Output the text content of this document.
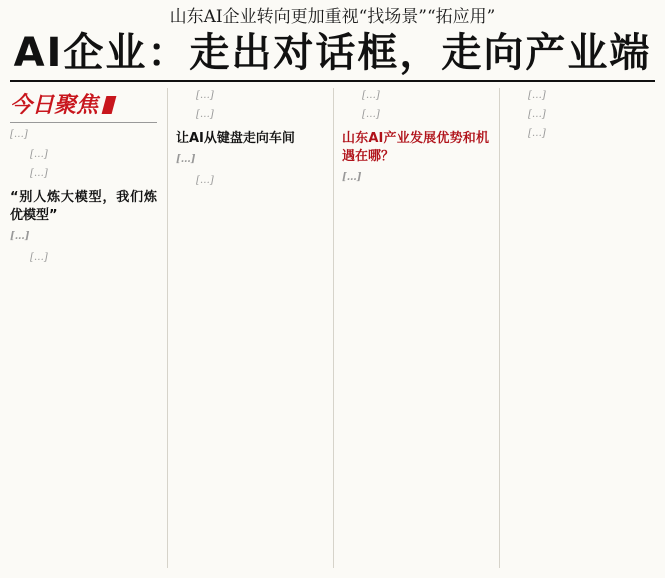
山东AI企业转向更加重视“找场景”“拓应用”
AI企业：走出对话框，走向产业端
今日聚焦
[…]
[…]
[…]
“别人炼大模型，我们炼优模型”
[…]
[…]
[…]
[…]
让AI从键盘走向车间
[…]
[…]
[…]
[…]
山东AI产业发展优势和机遇在哪？
[…]
[…]
[…]
[…]
